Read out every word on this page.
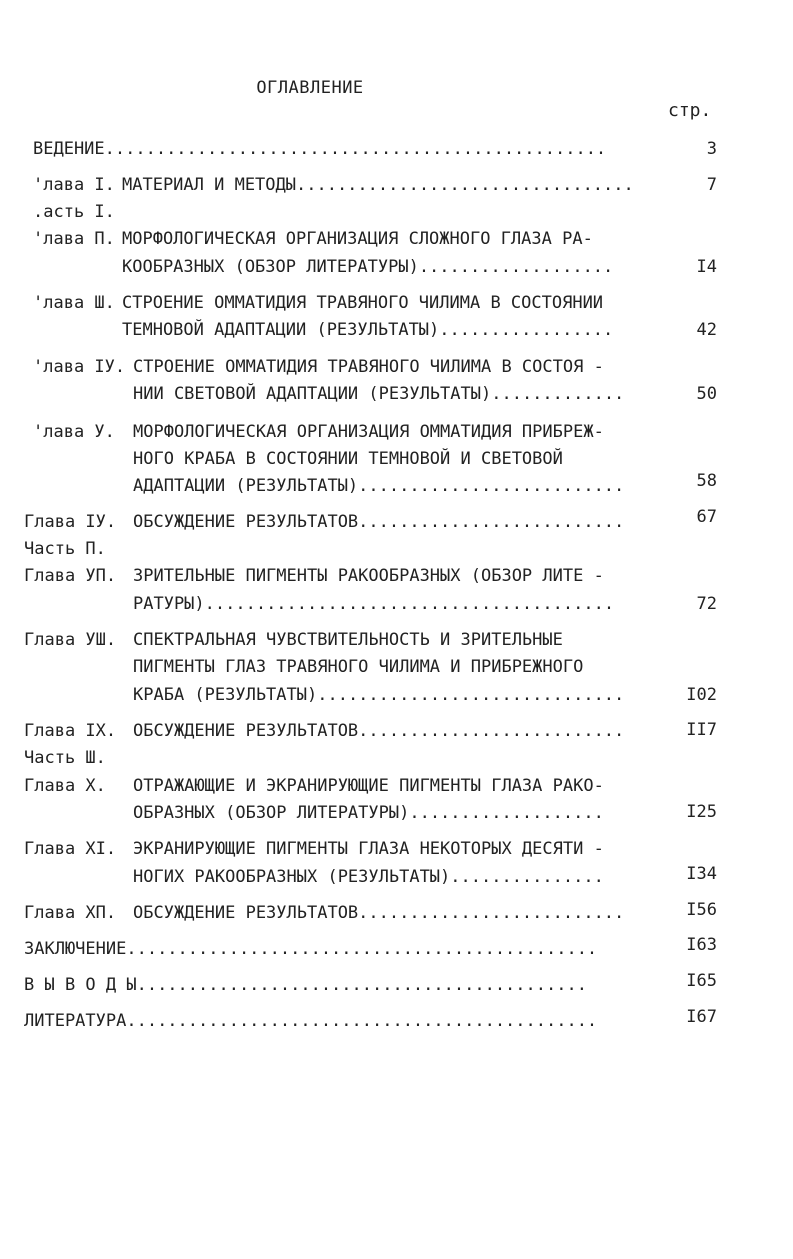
ОГЛАВЛЕНИЕ
стр.
ВЕДЕНИЕ.................................................	3
'лава I. МАТЕРИАЛ И МЕТОДЫ.................................	7
.асть I.
'лава П. МОРФОЛОГИЧЕСКАЯ ОРГАНИЗАЦИЯ СЛОЖНОГО ГЛАЗА РА-
КООБРАЗНЫХ (ОБЗОР ЛИТЕРАТУРЫ)...................	I4
'лава Ш. СТРОЕНИЕ ОММАТИДИЯ ТРАВЯНОГО ЧИЛИМА В СОСТОЯНИИ
ТЕМНОВОЙ АДАПТАЦИИ (РЕЗУЛЬТАТЫ).................	42
'лава IУ. СТРОЕНИЕ ОММАТИДИЯ ТРАВЯНОГО ЧИЛИМА В СОСТОЯ -
НИИ СВЕТОВОЙ АДАПТАЦИИ (РЕЗУЛЬТАТЫ).............	50
'лава У. МОРФОЛОГИЧЕСКАЯ ОРГАНИЗАЦИЯ ОММАТИДИЯ ПРИБРЕЖ-
НОГО КРАБА В СОСТОЯНИИ ТЕМНОВОЙ И СВЕТОВОЙ
АДАПТАЦИИ (РЕЗУЛЬТАТЫ)..........................	58
Глава IУ. ОБСУЖДЕНИЕ РЕЗУЛЬТАТОВ..........................	67
Часть П.
Глава УП. ЗРИТЕЛЬНЫЕ ПИГМЕНТЫ РАКООБРАЗНЫХ (ОБЗОР ЛИТЕ -
РАТУРЫ)........................................	72
Глава УШ. СПЕКТРАЛЬНАЯ ЧУВСТВИТЕЛЬНОСТЬ И ЗРИТЕЛЬНЫЕ
ПИГМЕНТЫ ГЛАЗ ТРАВЯНОГО ЧИЛИМА И ПРИБРЕЖНОГО
КРАБА (РЕЗУЛЬТАТЫ)..............................	I02
Глава IX. ОБСУЖДЕНИЕ РЕЗУЛЬТАТОВ..........................	II7
Часть Ш.
Глава X. ОТРАЖАЮЩИЕ И ЭКРАНИРУЮЩИЕ ПИГМЕНТЫ ГЛАЗА РАКО-
ОБРАЗНЫХ (ОБЗОР ЛИТЕРАТУРЫ)...................	I25
Глава XI. ЭКРАНИРУЮЩИЕ ПИГМЕНТЫ ГЛАЗА НЕКОТОРЫХ ДЕСЯТИ -
НОГИХ РАКООБРАЗНЫХ (РЕЗУЛЬТАТЫ)...............	I34
Глава ХП. ОБСУЖДЕНИЕ РЕЗУЛЬТАТОВ..........................	I56
ЗАКЛЮЧЕНИЕ..............................................	I63
В Ы В О Д Ы............................................	I65
ЛИТЕРАТУРА..............................................	I67
